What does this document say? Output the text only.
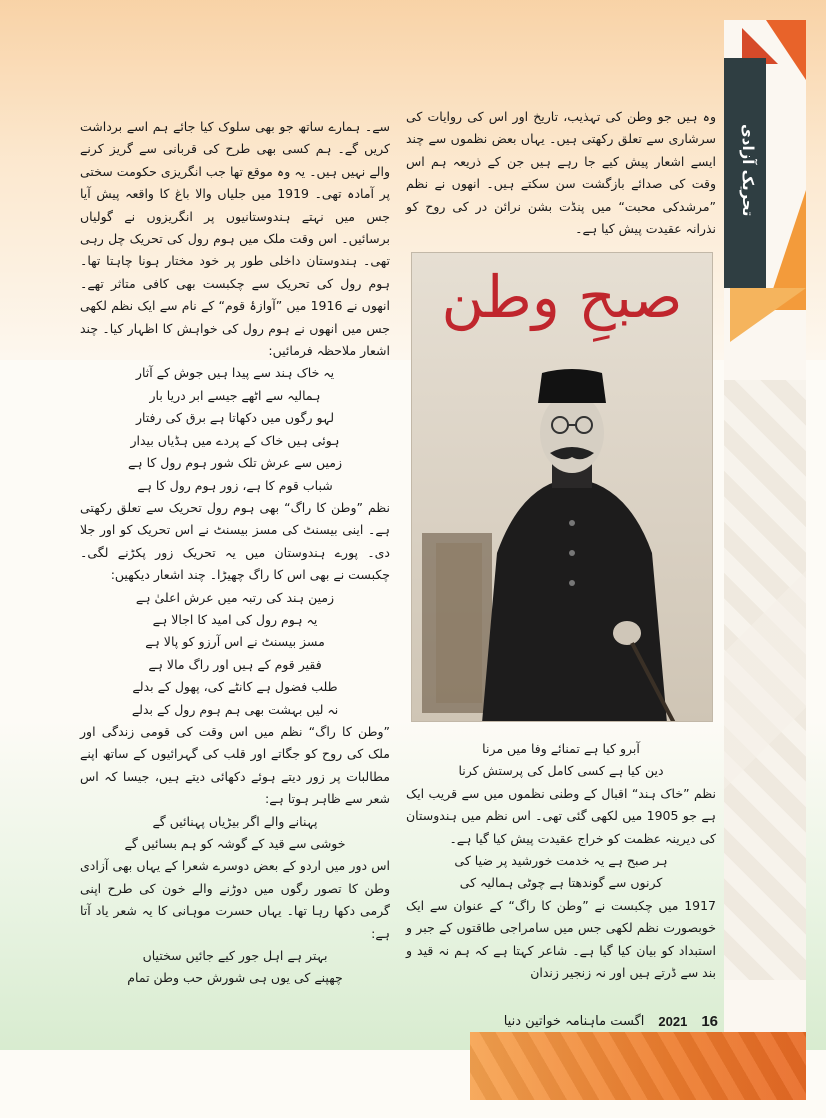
تحریک آزادی

وہ ہیں جو وطن کی تہذیب، تاریخ اور اس کی روایات کی سرشاری سے تعلق رکھتی ہیں۔ یہاں بعض نظموں سے چند ایسے اشعار پیش کیے جا رہے ہیں جن کے ذریعہ ہم اس وقت کی صدائے بازگشت سن سکتے ہیں۔ انھوں نے نظم ”مرشدکی محبت“ میں پنڈت بشن نرائن در کی روح کو نذرانہ عقیدت پیش کیا ہے۔

صبحِ وطن
آبرو کیا ہے تمنائے وفا میں مرنا
دین کیا ہے کسی کامل کی پرستش کرنا

نظم ”خاک ہند“ اقبال کے وطنی نظموں میں سے قریب ایک ہے جو 1905 میں لکھی گئی تھی۔ اس نظم میں ہندوستان کی دیرینہ عظمت کو خراج عقیدت پیش کیا گیا ہے۔

ہر صبح ہے یہ خدمت خورشید پر ضیا کی
کرنوں سے گوندھتا ہے چوٹی ہمالیہ کی

1917 میں چکبست نے ”وطن کا راگ“ کے عنوان سے ایک خوبصورت نظم لکھی جس میں سامراجی طاقتوں کے جبر و استبداد کو بیان کیا گیا ہے۔ شاعر کہتا ہے کہ ہم نہ قید و بند سے ڈرتے ہیں اور نہ زنجیر زندان

سے۔ ہمارے ساتھ جو بھی سلوک کیا جائے ہم اسے برداشت کریں گے۔ ہم کسی بھی طرح کی قربانی سے گریز کرنے والے نہیں ہیں۔ یہ وہ موقع تھا جب انگریزی حکومت سختی پر آمادہ تھی۔ 1919 میں جلیاں والا باغ کا واقعہ پیش آیا جس میں نہتے ہندوستانیوں پر انگریزوں نے گولیاں برسائیں۔ اس وقت ملک میں ہوم رول کی تحریک چل رہی تھی۔ ہندوستان داخلی طور پر خود مختار ہونا چاہتا تھا۔ ہوم رول کی تحریک سے چکبست بھی کافی متاثر تھے۔ انھوں نے 1916 میں ”آوازۂ قوم“ کے نام سے ایک نظم لکھی جس میں انھوں نے ہوم رول کی خواہش کا اظہار کیا۔ چند اشعار ملاحظہ فرمائیں:

یہ خاک ہند سے پیدا ہیں جوش کے آثار
ہمالیہ سے اٹھے جیسے ابر دریا بار
لہو رگوں میں دکھاتا ہے برق کی رفتار
ہوئی ہیں خاک کے پردے میں ہڈیاں بیدار
زمیں سے عرش تلک شور ہوم رول کا ہے
شباب قوم کا ہے، زور ہوم رول کا ہے

نظم ”وطن کا راگ“ بھی ہوم رول تحریک سے تعلق رکھتی ہے۔ اینی بیسنٹ کی مسز بیسنٹ نے اس تحریک کو اور جلا دی۔ پورے ہندوستان میں یہ تحریک زور پکڑنے لگی۔ چکبست نے بھی اس کا راگ چھیڑا۔ چند اشعار دیکھیں:

زمین ہند کی رتبہ میں عرش اعلیٰ ہے
یہ ہوم رول کی امید کا اجالا ہے
مسز بیسنٹ نے اس آرزو کو پالا ہے
فقیر قوم کے ہیں اور راگ مالا ہے
طلب فضول ہے کانٹے کی، پھول کے بدلے
نہ لیں بہشت بھی ہم ہوم رول کے بدلے

”وطن کا راگ“ نظم میں اس وقت کی قومی زندگی اور ملک کی روح کو جگاتے اور قلب کی گہرائیوں کے ساتھ اپنے مطالبات پر زور دیتے ہوئے دکھائی دیتے ہیں، جیسا کہ اس شعر سے ظاہر ہوتا ہے:

پہنانے والے اگر بیڑیاں پہنائیں گے
خوشی سے قید کے گوشہ کو ہم بسائیں گے

اس دور میں اردو کے بعض دوسرے شعرا کے یہاں بھی آزادی وطن کا تصور رگوں میں دوڑنے والے خون کی طرح اپنی گرمی دکھا رہا تھا۔ یہاں حسرت موہانی کا یہ شعر یاد آتا ہے:

بہتر ہے اہل جور کیے جائیں سختیاں
چھپنے کی یوں ہی شورش حب وطن تمام
16
2021
اگست ماہنامہ خواتین دنیا
